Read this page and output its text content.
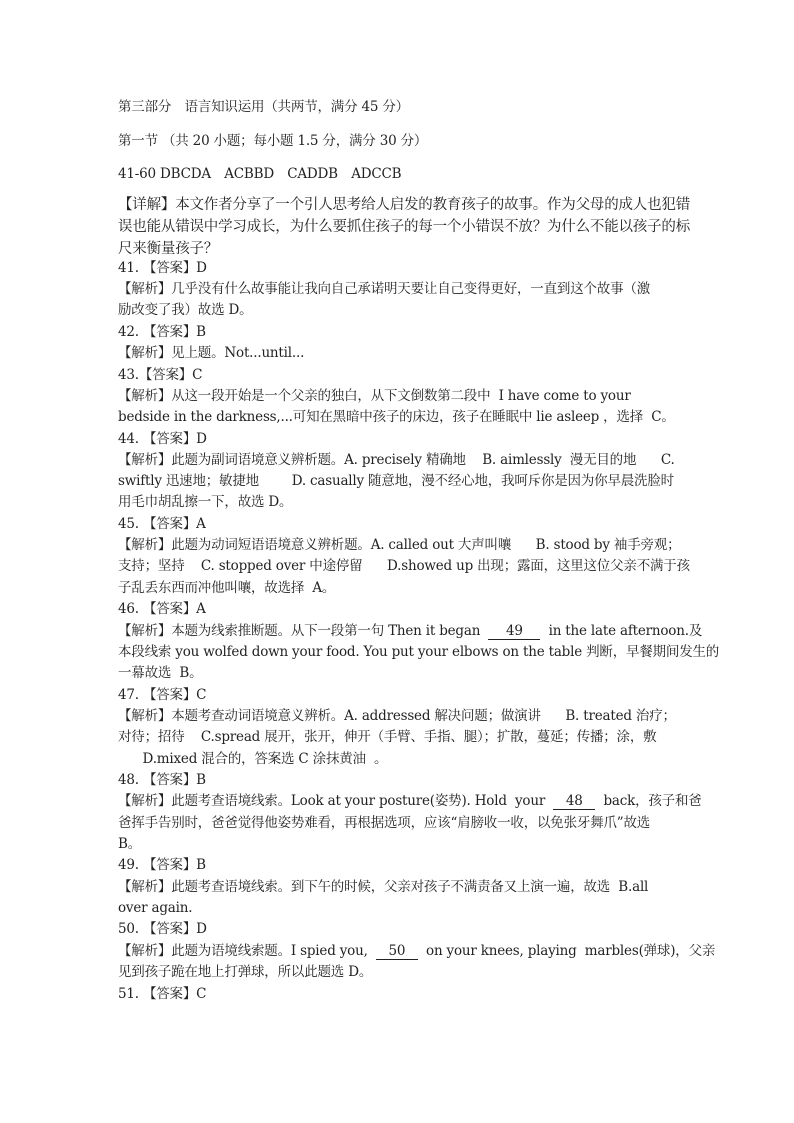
第三部分　语言知识运用（共两节，满分 45 分）
第一节 （共 20 小题；每小题 1.5 分，满分 30 分）
41-60 DBCDA　ACBBD　CADDB　ADCCB
【详解】本文作者分享了一个引人思考给人启发的教育孩子的故事。作为父母的成人也犯错
误也能从错误中学习成长，为什么要抓住孩子的每一个小错误不放？为什么不能以孩子的标
尺来衡量孩子？
41. 【答案】D
【解析】几乎没有什么故事能让我向自己承诺明天要让自己变得更好，一直到这个故事（激
励改变了我）故选 D。
42. 【答案】B
【解析】见上题。Not...until...
43.【答案】C
【解析】从这一段开始是一个父亲的独白，从下文倒数第二段中  I have come to your
bedside in the darkness,...可知在黑暗中孩子的床边，孩子在睡眠中 lie asleep ，选择  C。
44. 【答案】D
【解析】此题为副词语境意义辨析题。A. precisely 精确地    B. aimlessly  漫无目的地      C.
swiftly 迅速地；敏捷地        D. casually 随意地，漫不经心地，我呵斥你是因为你早晨洗脸时
用毛巾胡乱擦一下，故选 D。
45. 【答案】A
【解析】此题为动词短语语境意义辨析题。A. called out 大声叫嚷      B. stood by 袖手旁观；
支持；坚持    C. stopped over 中途停留      D.showed up 出现；露面，这里这位父亲不满于孩
子乱丢东西而冲他叫嚷，故选择  A。
46. 【答案】A
【解析】本题为线索推断题。从下一段第一句 Then it began  49  in the late afternoon.及
本段线索 you wolfed down your food. You put your elbows on the table 判断，早餐期间发生的
一幕故选  B。
47. 【答案】C
【解析】本题考查动词语境意义辨析。A. addressed 解决问题；做演讲      B. treated 治疗；
对待；招待    C.spread 展开，张开，伸开（手臂、手指、腿）；扩散，蔓延；传播；涂，敷
D.mixed 混合的，答案选 C 涂抹黄油  。
48. 【答案】B
【解析】此题考查语境线索。Look at your posture(姿势). Hold  your  48  back，孩子和爸
爸挥手告别时，爸爸觉得他姿势难看，再根据选项，应该“肩膀收一收，以免张牙舞爪”故选
B。
49. 【答案】B
【解析】此题考查语境线索。到下午的时候，父亲对孩子不满责备又上演一遍，故选  B.all
over again.
50. 【答案】D
【解析】此题为语境线索题。I spied you,  50  on your knees, playing  marbles(弹球)，父亲
见到孩子跪在地上打弹球，所以此题选 D。
51. 【答案】C
